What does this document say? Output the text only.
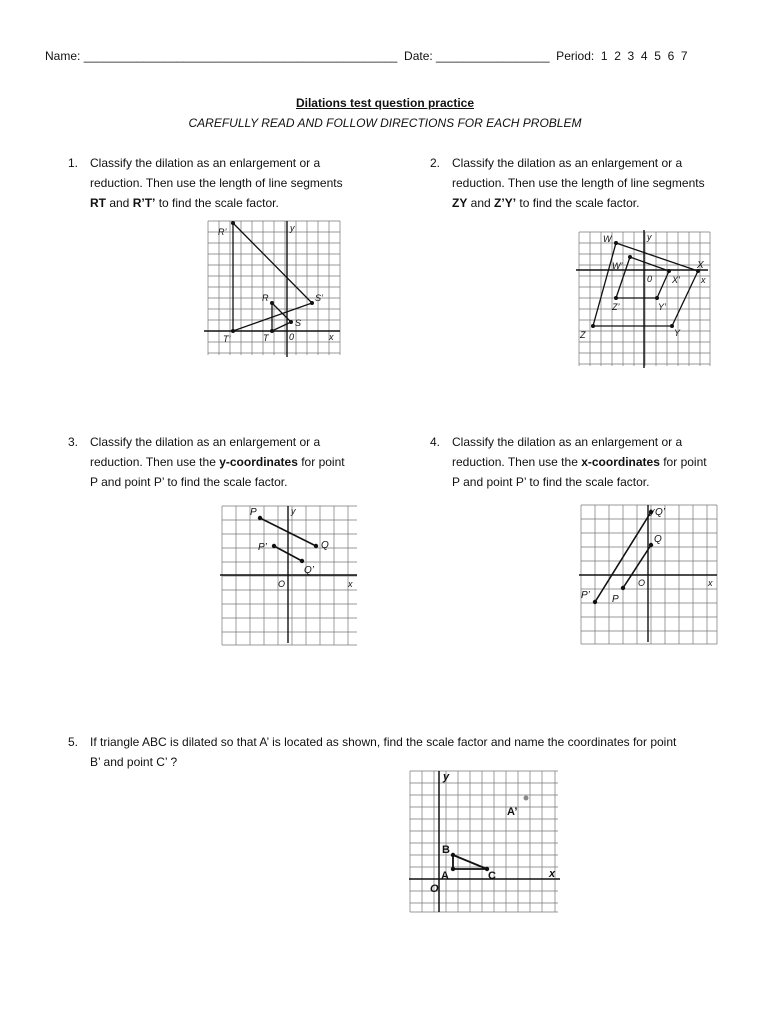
Name: _______________________________________________  Date: _________________  Period:  1  2  3  4  5  6  7
Dilations test question practice
CAREFULLY READ AND FOLLOW DIRECTIONS FOR EACH PROBLEM
1. Classify the dilation as an enlargement or a
reduction. Then use the length of line segments
RT and R’T’ to find the scale factor.
2. Classify the dilation as an enlargement or a
reduction. Then use the length of line segments
ZY and Z’Y’ to find the scale factor.
3. Classify the dilation as an enlargement or a
reduction. Then use the y-coordinates for point
P and point P’ to find the scale factor.
4. Classify the dilation as an enlargement or a
reduction. Then use the x-coordinates for point
P and point P’ to find the scale factor.
5. If triangle ABC is dilated so that A’ is located as shown, find the scale factor and name the coordinates for point
B’ and point C’ ?
R’
R	S’
S
T
T’	0	x
y
W
W’	X
X’
Z
Z’
Y
Y’
0	x
y
P
Q
P’
Q’
O	x
y
P’ P
Q
Q’
O	x
y
A’
B
A	C
O
x
y
